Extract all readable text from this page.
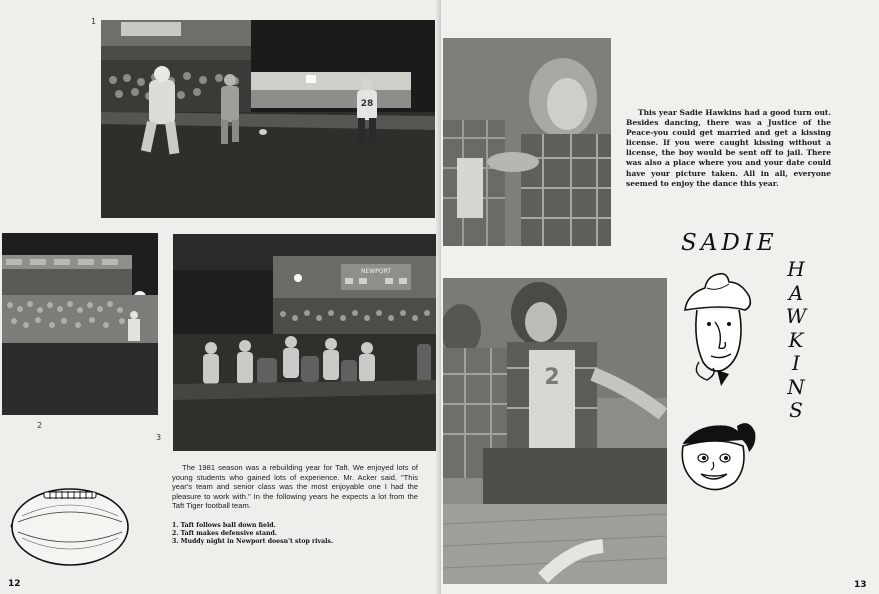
28
1
2
NEWPORT
3
The 1981 season was a rebuilding year for Taft. We enjoyed lots of young students who gained lots of experience. Mr. Acker said, "This year's team and senior class was the most enjoyable one I had the pleasure to work with." In the following years he expects a lot from the Taft Tiger football team.
1. Taft follows ball down field.
2. Taft makes defensive stand.
3. Muddy night in Newport doesn't stop rivals.
12
This year Sadie Hawkins had a good turn out. Besides dancing, there was a Justice of the Peace-you could get married and get a kissing license. If you were caught kissing without a license, the boy would be sent off to jail. There was also a place where you and your date could have your picture taken. All in all, everyone seemed to enjoy the dance this year.
SADIE
H
A
W
K
I
N
S
2
13
